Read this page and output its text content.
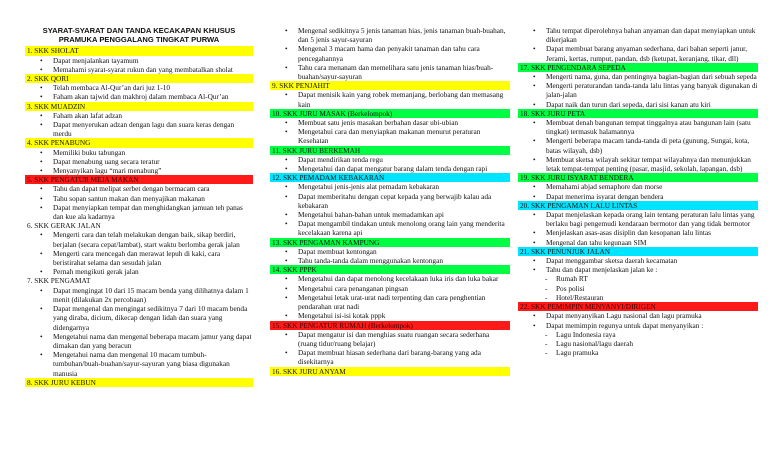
SYARAT-SYARAT DAN TANDA KECAKAPAN KHUSUS PRAMUKA PENGGALANG TINGKAT PURWA
1. SKK SHOLAT
• Dapat menjalankan tayamum
• Memahami syarat-syarat rukun dan yang membatalkan sholat
2. SKK QORI
• Telah membaca Al-Qur’an dari juz 1-10
• Faham akan tajwid dan makhroj dalam membaca Al-Qur’an
3. SKK MUADZIN
• Faham akan lafat adzan
• Dapat menyerukan adzan dengan lagu dan suara keras dengan merdu
4. SKK PENABUNG
• Memiliki buku tabungan
• Dapat menabung uang secara teratur
• Menyanyikan lagu “mari menabung”
5. SKK PENGATUR MEJA MAKAN
• Tahu dan dapat melipat serbet dengan bermacam cara
• Tahu sopan santun makan dan menyajikan makanan
• Dapat menyiapkan tempat dan menghidangkan jamuan teh panas dan kue ala kadarnya
6. SKK GERAK JALAN
• Mengerti cara dan telah melakukan dengan baik, sikap berdiri, berjalan (secara cepat/lambat), start waktu berlomba gerak jalan
• Mengerti cara mencegah dan merawat lepuh di kaki, cara beristirahat selama dan sesudah jalan
• Pernah mengikuti gerak jalan
7. SKK PENGAMAT
• Dapat mengingat 10 dari 15 macam benda yang dilihatnya dalam 1 menit (dilakukan 2x percobaan)
• Dapat mengenal dan mengingat sedikitnya 7 dari 10 macam benda yang diraba, dicium, dikecap dengan lidah dan suara yang didengarnya
• Mengetahui nama dan mengenal beberapa macam jamur yang dapat dimakan dan yang beracun
• Mengetahui nama dan mengenal 10 macam tumbuh-tumbuhan/buah-buahan/sayur-sayuran yang biasa digunakan manusia
8. SKK JURU KEBUN
• Mengenal sedikitnya 5 jenis tanaman hias, jenis tanaman buah-buahan, dan 5 jenis sayur-sayuran
• Mengenal 3 macam hama dan penyakit tanaman dan tahu cara pencegahannya
• Tahu cara menanam dan memelihara satu jenis tanaman hias/buah-buahan/sayur-sayuran
9. SKK PENJAHIT
• Dapat menisik kain yang robek memanjang, berlobang dan memasang kain
10. SKK JURU MASAK (Berkelompok)
• Membuat satu jenis masakan berbahan dasar ubi-ubian
• Mengetahui cara dan menyiapkan makanan menurut peraturan Kesehatan
11. SKK JURU BERKEMAH
• Dapat mendirikan tenda regu
• Mengetahui dan dapat mengatur barang dalam tenda dengan rapi
12. SKK PEMADAM KEBAKARAN
• Mengetahui jenis-jenis alat pemadam kebakaran
• Dapat memberitahu dengan cepat kepada yang berwajib kalau ada kebakaran
• Mengetahui bahan-bahan untuk memadamkan api
• Dapat mengambil tindakan untuk menolong orang lain yang menderita kecelakaan karena api
13. SKK PENGAMAN KAMPUNG
• Dapat membuat kentongan
• Tahu tanda-tanda dalam menggunakan kentongan
14. SKK PPPK
• Mengetahui dan dapat menolong kecelakaan luka iris dan luka bakar
• Mengetahui cara penanganan pingsan
• Mengetahui letak urat-urat nadi terpenting dan cara penghentian pendarahan urat nadi
• Mengetahui isi-isi kotak pppk
15. SKK PENGATUR RUMAH (Berkelompok)
• Dapat mengatur isi dan menghias suatu ruangan secara sederhana (ruang tidur/ruang belajar)
• Dapat membuat hiasan sederhana dari barang-barang yang ada disekitarnya
16. SKK JURU ANYAM
• Tahu tempat diperolehnya bahan anyaman dan dapat menyiapkan untuk dikerjakan
• Dapat membuat barang anyaman sederhana, dari bahan seperti janur, Jerami, kertas, rumput, pandan, dsb (ketupat, keranjang, tikar, dll)
17. SKK PENGENDARA SEPEDA
• Mengerti nama, guna, dan pentingnya bagian-bagian dari sebuah sepeda
• Mengerti peraturandan tanda-tanda lalu lintas yang banyak digunakan di jalan-jalan
• Dapat naik dan turun dari sepeda, dari sisi kanan atu kiri
18. SKK JURU PETA
• Membuat denah bangunan tempat tinggalnya atau bangunan lain (satu tingkat) termasuk halamannya
• Mengerti beberapa macam tanda-tanda di peta (gunung, Sungai, kota, batas wilayah, dsb)
• Membuat sketsa wilayah sekitar tempat wilayahnya dan menunjukkan letak tempat-tempat penting (pasar, masjid, sekolah, lapangan, dsb)
19. SKK JURU ISYARAT BENDERA
• Memahami abjad semaphore dan morse
• Dapat menerima isyarat dengan bendera
20. SKK PENGAMAN LALU LINTAS
• Dapat menjelaskan kepada orang lain tentang peraturan lalu lintas yang berlaku bagi pengemudi kendaraan bermotor dan yang tidak bermotor
• Menjelaskan asas-asas disiplin dan kesopanan lalu lintas
• Mengenal dan tahu kegunaan SIM
21. SKK PENUNJUK JALAN
• Dapat menggambar sketsa daerah kecamatan
• Tahu dan dapat menjelaskan jalan ke :
- Rumah RT
- Pos polisi
- Hotel/Restauran
22. SKK PEMIMPIN MENYANYI/DIRIGEN
• Dapat menyanyikan Lagu nasional dan lagu pramuka
• Dapat memimpin regunya untuk dapat menyanyikan :
- Lagu Indonesia raya
- Lagu nasional/lagu daerah
- Lagu pramuka
